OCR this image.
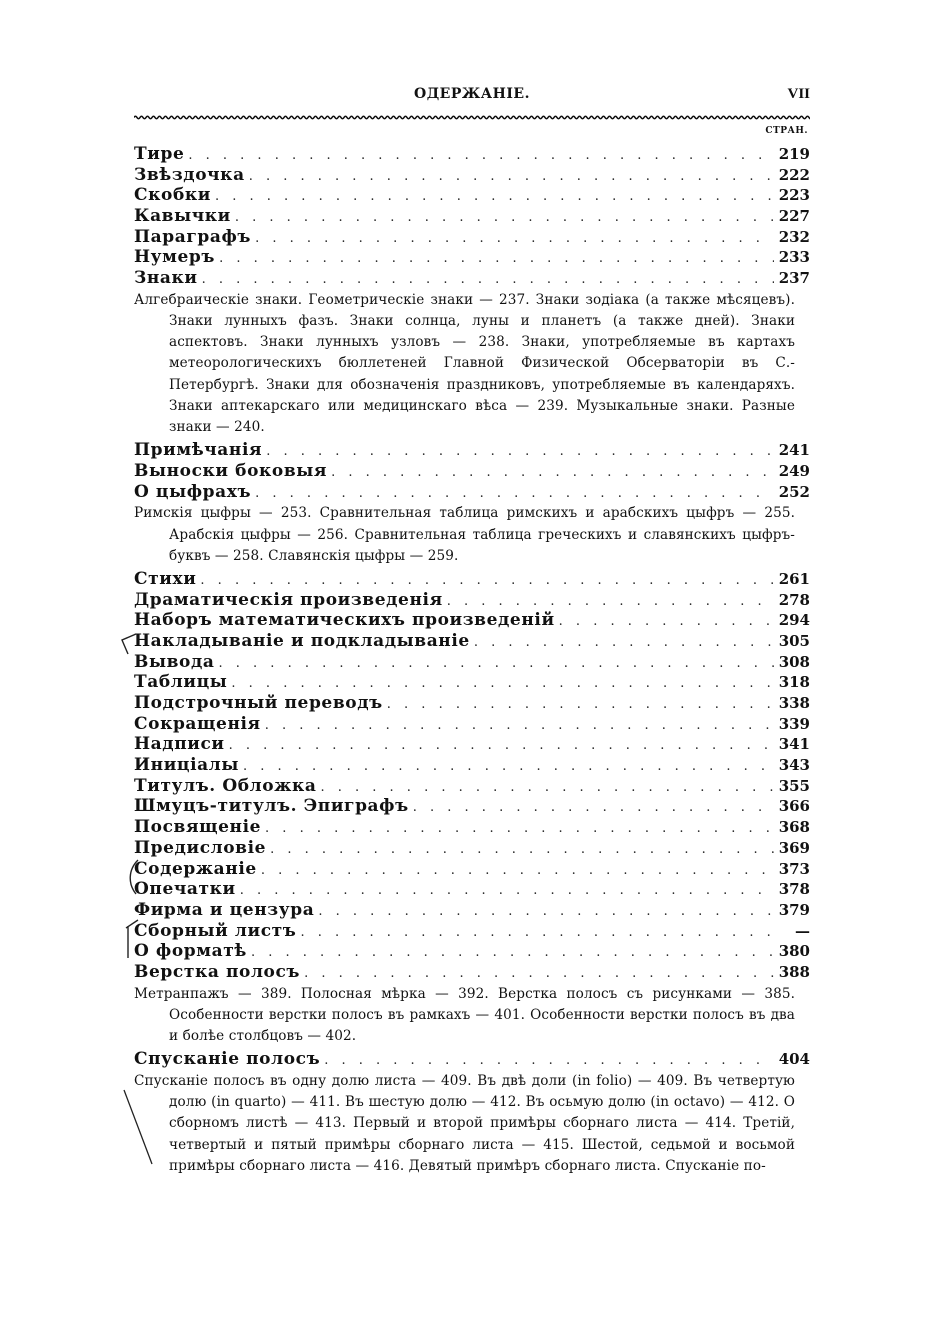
ОДЕРЖАНІЕ.	VII
СТРАН.
Тире . . .	219
Звѣздочка . . .	222
Скобки . . .	223
Кавычки . . .	227
Параграфъ . . .	232
Нумеръ . . .	233
Знаки . . .	237
Алгебраическіе знаки. Геометрическіе знаки — 237. Знаки зодіака (а также мѣсяцевъ). Знаки лунныхъ фазъ. Знаки солнца, луны и планетъ (а также дней). Знаки аспектовъ. Знаки лунныхъ узловъ — 238. Знаки, употребляемые въ картахъ метеорологическихъ бюллетеней Главной Физической Обсерваторіи въ С.-Петербургѣ. Знаки для обозначенія праздниковъ, употребляемые въ календаряхъ. Знаки аптекарскаго или медицинскаго вѣса — 239. Музыкальные знаки. Разные знаки — 240.
Примѣчанія . . .	241
Выноски боковыя . . .	249
О цыфрахъ . . .	252
Римскія цыфры — 253. Сравнительная таблица римскихъ и арабскихъ цыфръ — 255. Арабскія цыфры — 256. Сравнительная таблица греческихъ и славянскихъ цыфръ-буквъ — 258. Славянскія цыфры — 259.
Стихи . . .	261
Драматическія произведенія . . .	278
Наборъ математическихъ произведеній . . .	294
Накладываніе и подкладываніе . . .	305
Вывода . . .	308
Таблицы . . .	318
Подстрочный переводъ . . .	338
Сокращенія . . .	339
Надписи . . .	341
Иниціалы . . .	343
Титулъ. Обложка . . .	355
Шмуцъ-титулъ. Эпиграфъ . . .	366
Посвященіе . . .	368
Предисловіе . . .	369
Содержаніе . . .	373
Опечатки . . .	378
Фирма и цензура . . .	379
Сборный листъ . . .	—
О форматѣ . . .	380
Верстка полосъ . . .	388
Метранпажъ — 389. Полосная мѣрка — 392. Верстка полосъ съ рисунками — 385. Особенности верстки полосъ въ рамкахъ — 401. Особенности верстки полосъ въ два и болѣе столбцовъ — 402.
Спусканіе полосъ . . .	404
Спусканіе полосъ въ одну долю листа — 409. Въ двѣ доли (in folio) — 409. Въ четвертую долю (in quarto) — 411. Въ шестую долю — 412. Въ осьмую долю (in octavo) — 412. О сборномъ листѣ — 413. Первый и второй примѣры сборнаго листа — 414. Третій, четвертый и пятый примѣры сборнаго листа — 415. Шестой, седьмой и восьмой примѣры сборнаго листа — 416. Девятый примѣръ сборнаго листа. Спусканіе по-
